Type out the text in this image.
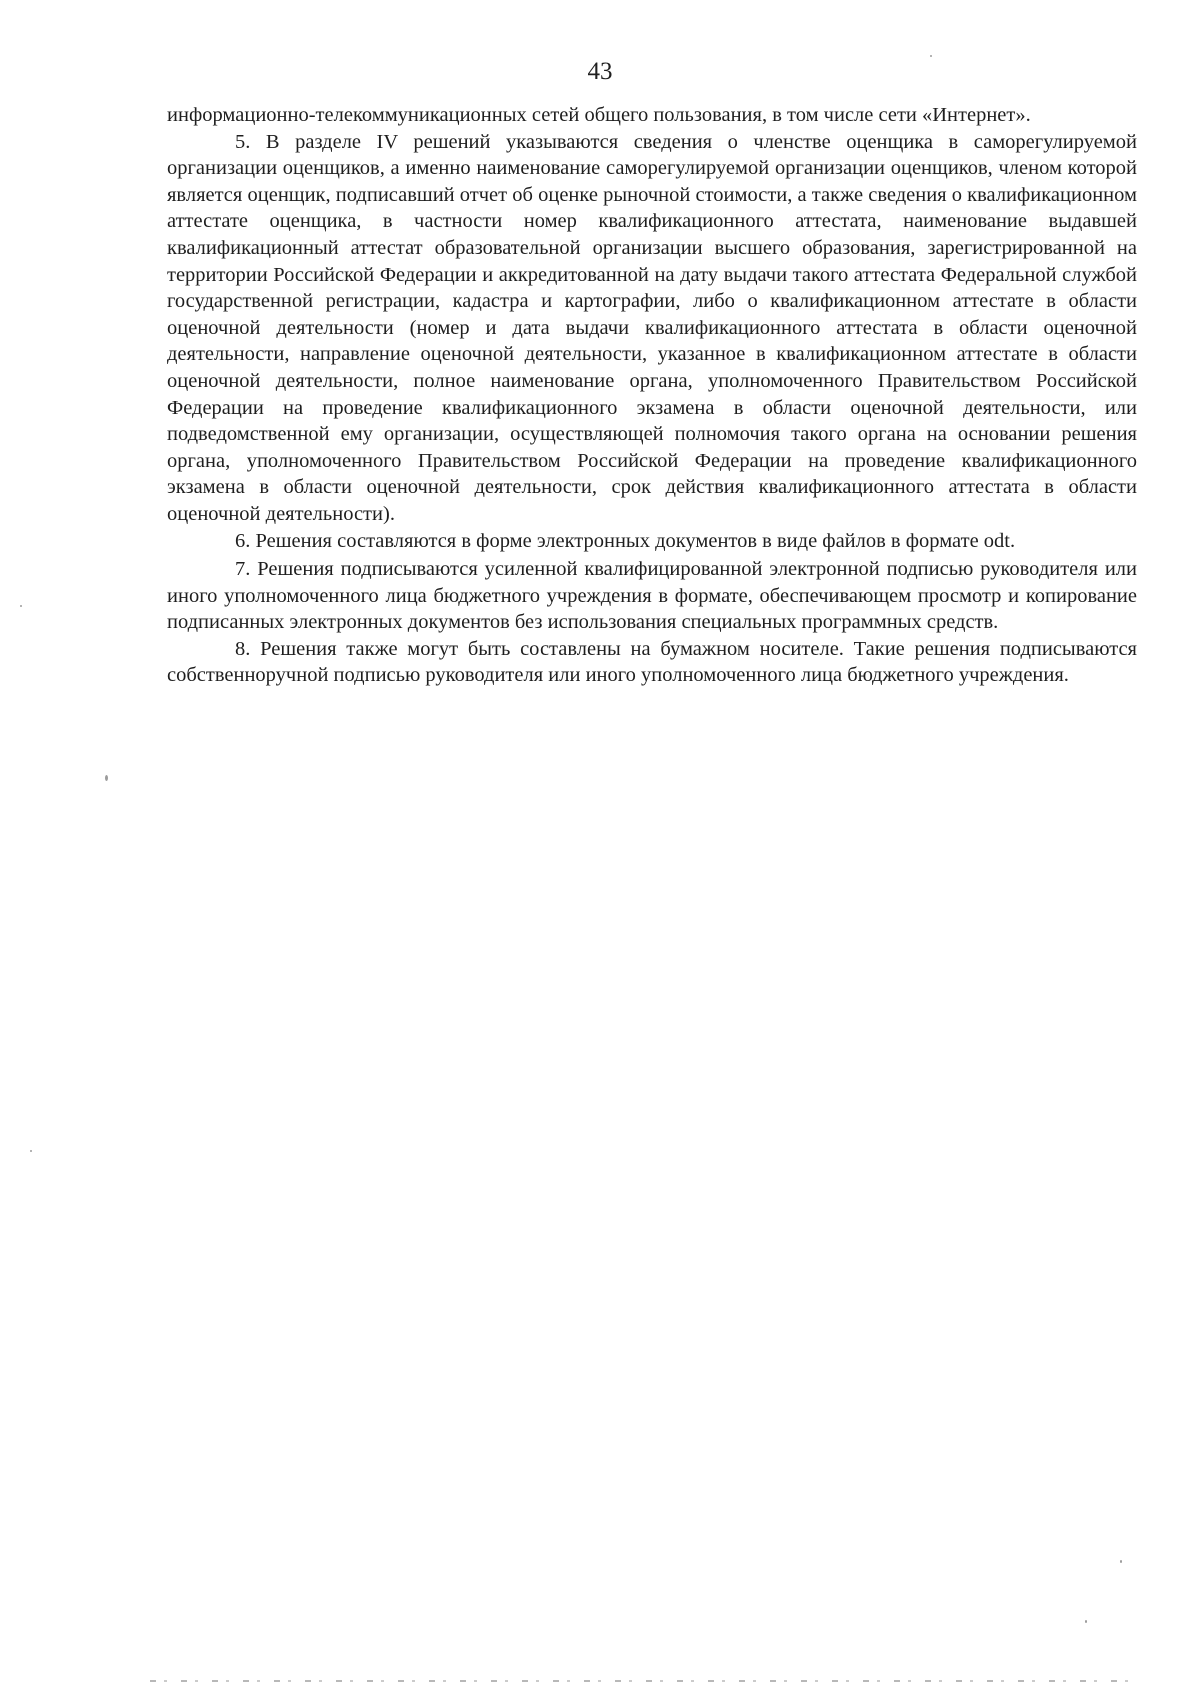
43

информационно-телекоммуникационных сетей общего пользования, в том числе сети «Интернет».

5. В разделе IV решений указываются сведения о членстве оценщика в саморегулируемой организации оценщиков, а именно наименование саморегулируемой организации оценщиков, членом которой является оценщик, подписавший отчет об оценке рыночной стоимости, а также сведения о квалификационном аттестате оценщика, в частности номер квалификационного аттестата, наименование выдавшей квалификационный аттестат образовательной организации высшего образования, зарегистрированной на территории Российской Федерации и аккредитованной на дату выдачи такого аттестата Федеральной службой государственной регистрации, кадастра и картографии, либо о квалификационном аттестате в области оценочной деятельности (номер и дата выдачи квалификационного аттестата в области оценочной деятельности, направление оценочной деятельности, указанное в квалификационном аттестате в области оценочной деятельности, полное наименование органа, уполномоченного Правительством Российской Федерации на проведение квалификационного экзамена в области оценочной деятельности, или подведомственной ему организации, осуществляющей полномочия такого органа на основании решения органа, уполномоченного Правительством Российской Федерации на проведение квалификационного экзамена в области оценочной деятельности, срок действия квалификационного аттестата в области оценочной деятельности).

6. Решения составляются в форме электронных документов в виде файлов в формате odt.

7. Решения подписываются усиленной квалифицированной электронной подписью руководителя или иного уполномоченного лица бюджетного учреждения в формате, обеспечивающем просмотр и копирование подписанных электронных документов без использования специальных программных средств.

8. Решения также могут быть составлены на бумажном носителе. Такие решения подписываются собственноручной подписью руководителя или иного уполномоченного лица бюджетного учреждения.
